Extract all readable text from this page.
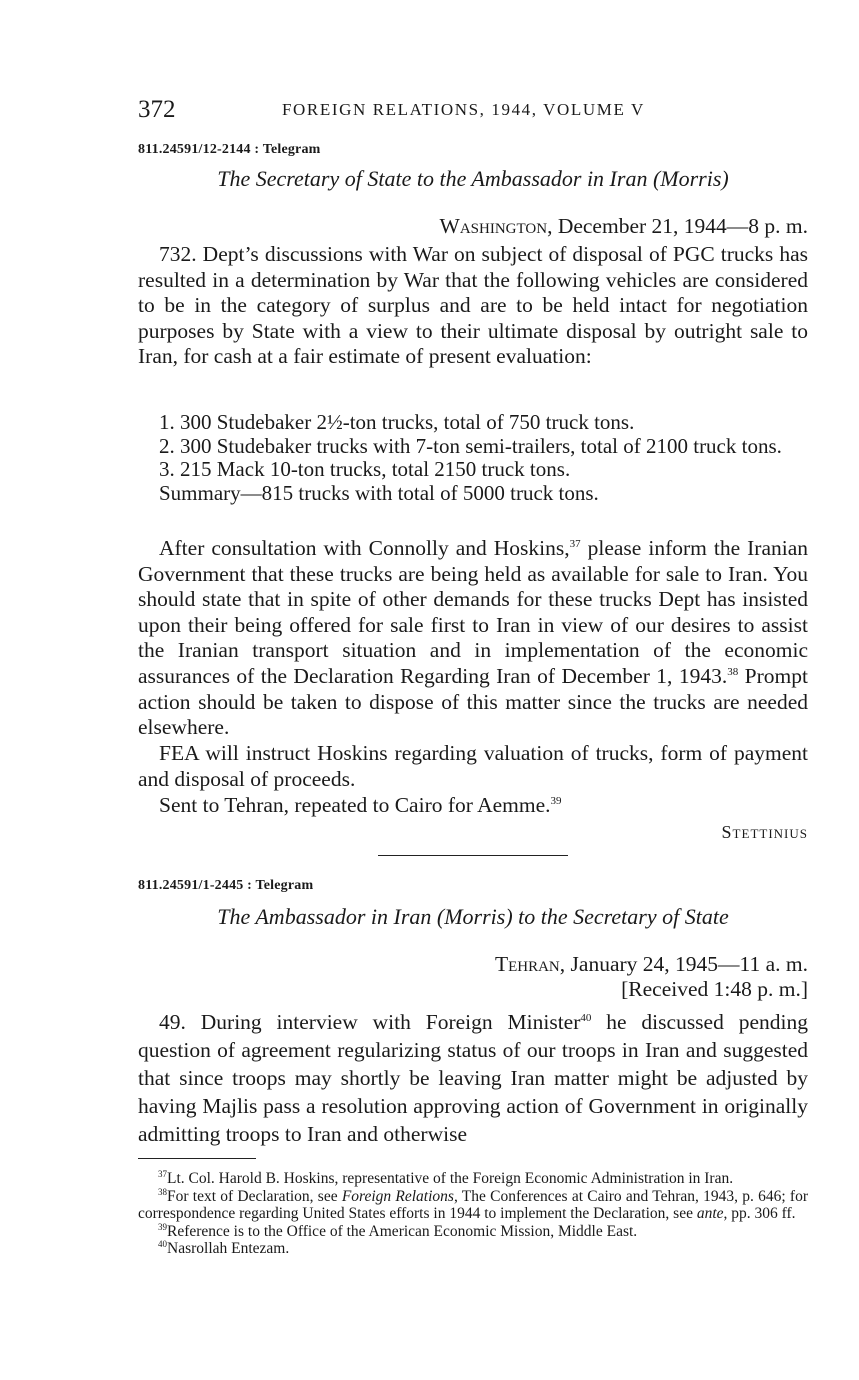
372	FOREIGN RELATIONS, 1944, VOLUME V
811.24591/12-2144 : Telegram
The Secretary of State to the Ambassador in Iran (Morris)
Washington, December 21, 1944—8 p. m.

732. Dept’s discussions with War on subject of disposal of PGC trucks has resulted in a determination by War that the following vehicles are considered to be in the category of surplus and are to be held intact for negotiation purposes by State with a view to their ultimate disposal by outright sale to Iran, for cash at a fair estimate of present evaluation:

1. 300 Studebaker 2½-ton trucks, total of 750 truck tons.
2. 300 Studebaker trucks with 7-ton semi-trailers, total of 2100 truck tons.
3. 215 Mack 10-ton trucks, total 2150 truck tons.
Summary—815 trucks with total of 5000 truck tons.

After consultation with Connolly and Hoskins,$^{37}$ please inform the Iranian Government that these trucks are being held as available for sale to Iran. You should state that in spite of other demands for these trucks Dept has insisted upon their being offered for sale first to Iran in view of our desires to assist the Iranian transport situation and in implementation of the economic assurances of the Declaration Regarding Iran of December 1, 1943.38 Prompt action should be taken to dispose of this matter since the trucks are needed elsewhere.

FEA will instruct Hoskins regarding valuation of trucks, form of payment and disposal of proceeds.

Sent to Tehran, repeated to Cairo for Aemme.$^{39}$

Stettinius
811.24591/1-2445 : Telegram
The Ambassador in Iran (Morris) to the Secretary of State
Tehran, January 24, 1945—11 a. m.
[Received 1:48 p. m.]

49. During interview with Foreign Minister$^{40}$ he discussed pending question of agreement regularizing status of our troops in Iran and suggested that since troops may shortly be leaving Iran matter might be adjusted by having Majlis pass a resolution approving action of Government in originally admitting troops to Iran and otherwise

$^{37}$Lt. Col. Harold B. Hoskins, representative of the Foreign Economic Administration in Iran.

$^{38}$For text of Declaration, see Foreign Relations, The Conferences at Cairo and Tehran, 1943, p. 646; for correspondence regarding United States efforts in 1944 to implement the Declaration, see ante, pp. 306 ff.

$^{39}$Reference is to the Office of the American Economic Mission, Middle East.

$^{40}$Nasrollah Entezam.
